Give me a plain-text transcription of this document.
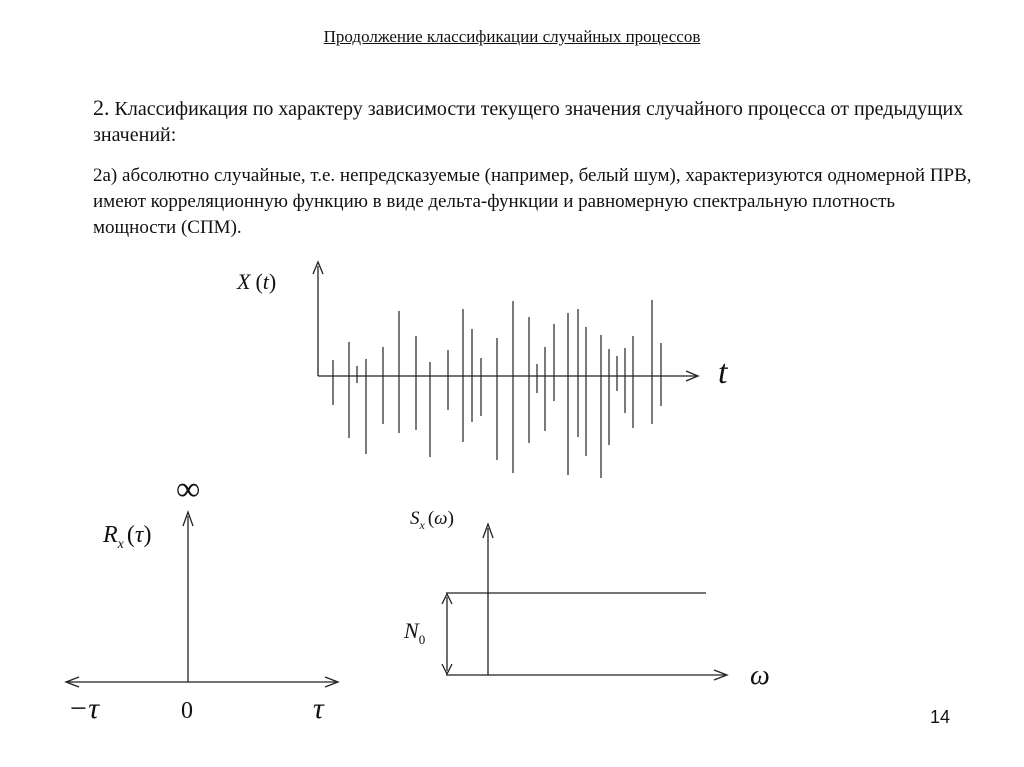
Продолжение классификации случайных процессов
2. Классификация по характеру зависимости текущего значения случайного процесса от предыдущих значений:
2а) абсолютно случайные, т.е. непредсказуемые (например, белый шум), характеризуются одномерной ПРВ, имеют корреляционную функцию в виде дельта-функции и равномерную спектральную плотность мощности (СПМ).
X (t)
t
∞
$R_x$ (τ)
−τ	0	τ
$S_x$ (ω)
$N_0$
ω
14
